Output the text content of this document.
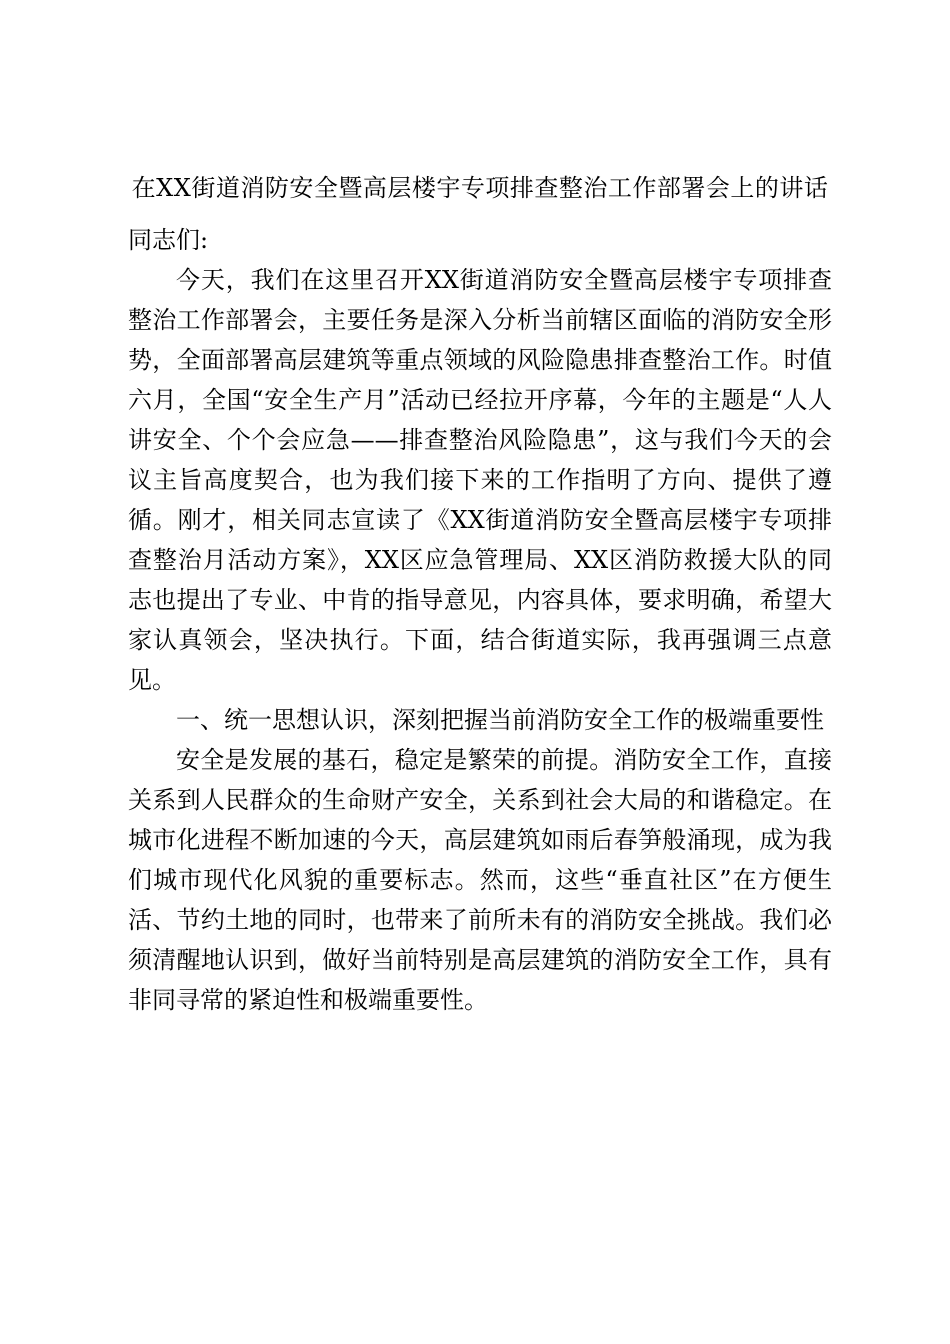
在XX街道消防安全暨高层楼宇专项排查整治工作部署会上的讲话

同志们:

今天，我们在这里召开XX街道消防安全暨高层楼宇专项排查整治工作部署会，主要任务是深入分析当前辖区面临的消防安全形势，全面部署高层建筑等重点领域的风险隐患排查整治工作。时值六月，全国“安全生产月”活动已经拉开序幕，今年的主题是“人人讲安全、个个会应急——排查整治风险隐患”，这与我们今天的会议主旨高度契合，也为我们接下来的工作指明了方向、提供了遵循。刚才，相关同志宣读了《XX街道消防安全暨高层楼宇专项排查整治月活动方案》，XX区应急管理局、XX区消防救援大队的同志也提出了专业、中肯的指导意见，内容具体，要求明确，希望大家认真领会，坚决执行。下面，结合街道实际，我再强调三点意见。

一、统一思想认识，深刻把握当前消防安全工作的极端重要性

安全是发展的基石，稳定是繁荣的前提。消防安全工作，直接关系到人民群众的生命财产安全，关系到社会大局的和谐稳定。在城市化进程不断加速的今天，高层建筑如雨后春笋般涌现，成为我们城市现代化风貌的重要标志。然而，这些“垂直社区”在方便生活、节约土地的同时，也带来了前所未有的消防安全挑战。我们必须清醒地认识到，做好当前特别是高层建筑的消防安全工作，具有非同寻常的紧迫性和极端重要性。
